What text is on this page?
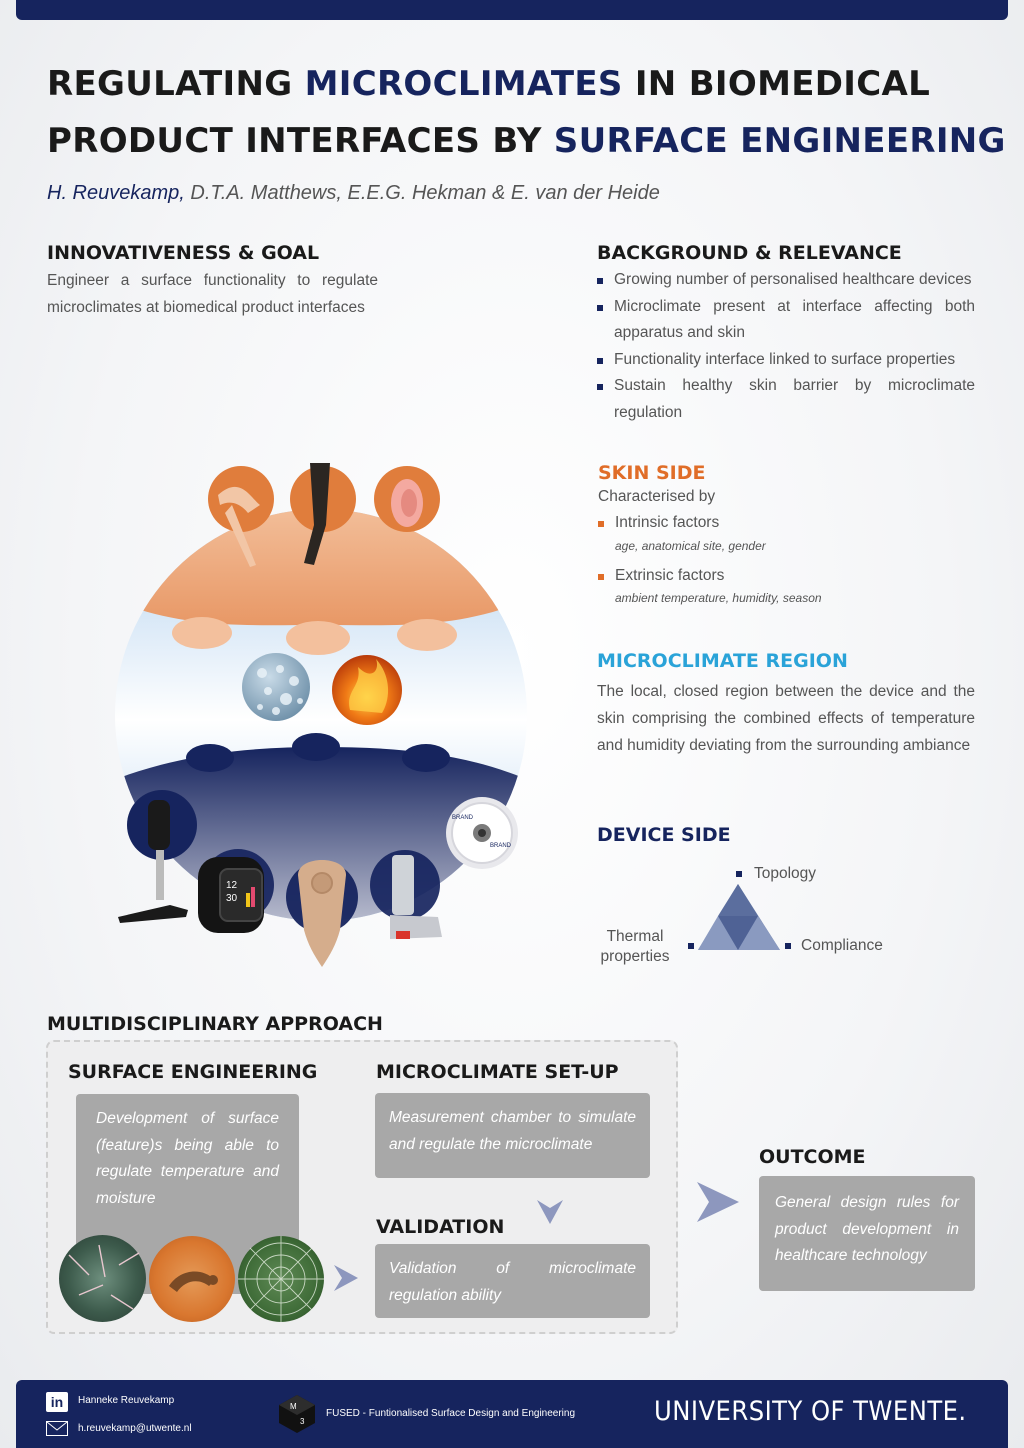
REGULATING MICROCLIMATES IN BIOMEDICAL
PRODUCT INTERFACES BY SURFACE ENGINEERING
H. Reuvekamp, D.T.A. Matthews, E.E.G. Hekman & E. van der Heide
INNOVATIVENESS & GOAL
Engineer a surface functionality to regulate microclimates at biomedical product interfaces
BACKGROUND & RELEVANCE
Growing number of personalised healthcare devices
Microclimate present at interface affecting both apparatus and skin
Functionality interface linked to surface properties
Sustain healthy skin barrier by microclimate regulation
12
30
BRAND
BRAND
SKIN SIDE
Characterised by
Intrinsic factors
age, anatomical site, gender
Extrinsic factors
ambient temperature, humidity, season
MICROCLIMATE REGION
The local, closed region between the device and the skin comprising the combined effects of temperature and humidity deviating from the surrounding ambiance
DEVICE SIDE
Topology
Thermal
properties
Compliance
MULTIDISCIPLINARY APPROACH
SURFACE ENGINEERING
Development of surface (feature)s being able to regulate temperature and moisture
MICROCLIMATE SET-UP
Measurement chamber to simulate and regulate the microclimate
VALIDATION
Validation of microclimate regulation ability
OUTCOME
General design rules for product development in healthcare technology
in	Hanneke Reuvekamp
h.reuvekamp@utwente.nl
M
3
FUSED - Funtionalised Surface Design and Engineering	UNIVERSITY OF TWENTE.
